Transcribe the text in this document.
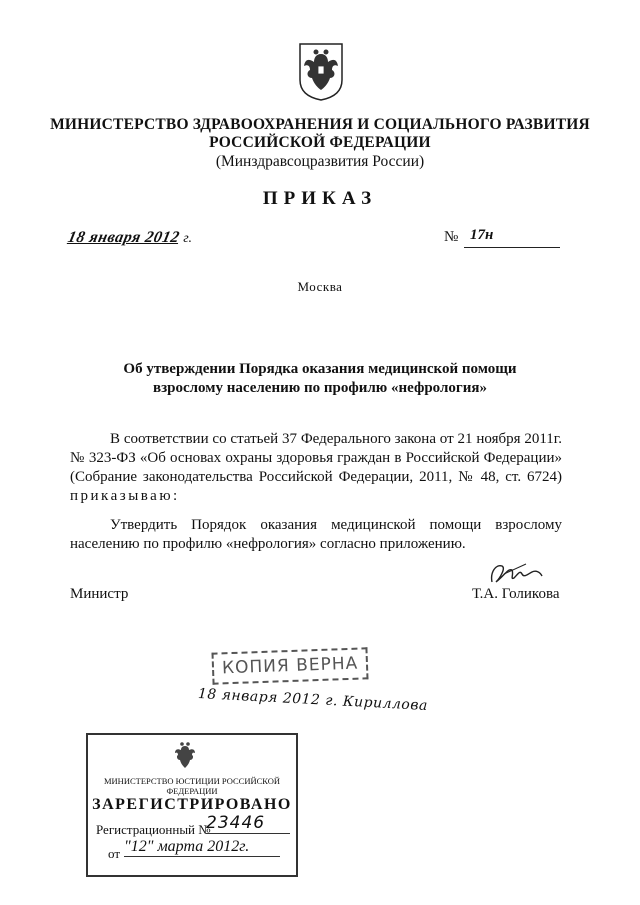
МИНИСТЕРСТВО ЗДРАВООХРАНЕНИЯ И СОЦИАЛЬНОГО РАЗВИТИЯ
РОССИЙСКОЙ ФЕДЕРАЦИИ
(Минздравсоцразвития России)
ПРИКАЗ
18 января 2012 г.	№ 17н
Москва
Об утверждении Порядка оказания медицинской помощи
взрослому населению по профилю «нефрология»
В соответствии со статьей 37 Федерального закона от 21 ноября 2011г. № 323-ФЗ «Об основах охраны здоровья граждан в Российской Федерации» (Собрание законодательства Российской Федерации, 2011, № 48, ст. 6724) приказываю:
Утвердить Порядок оказания медицинской помощи взрослому населению по профилю «нефрология» согласно приложению.
Министр	Т.А. Голикова
КОПИЯ ВЕРНА
18 января 2012 г. Кириллова
МИНИСТЕРСТВО ЮСТИЦИИ РОССИЙСКОЙ ФЕДЕРАЦИИ
ЗАРЕГИСТРИРОВАНО
Регистрационный №
23446
от "12" марта 2012г.
